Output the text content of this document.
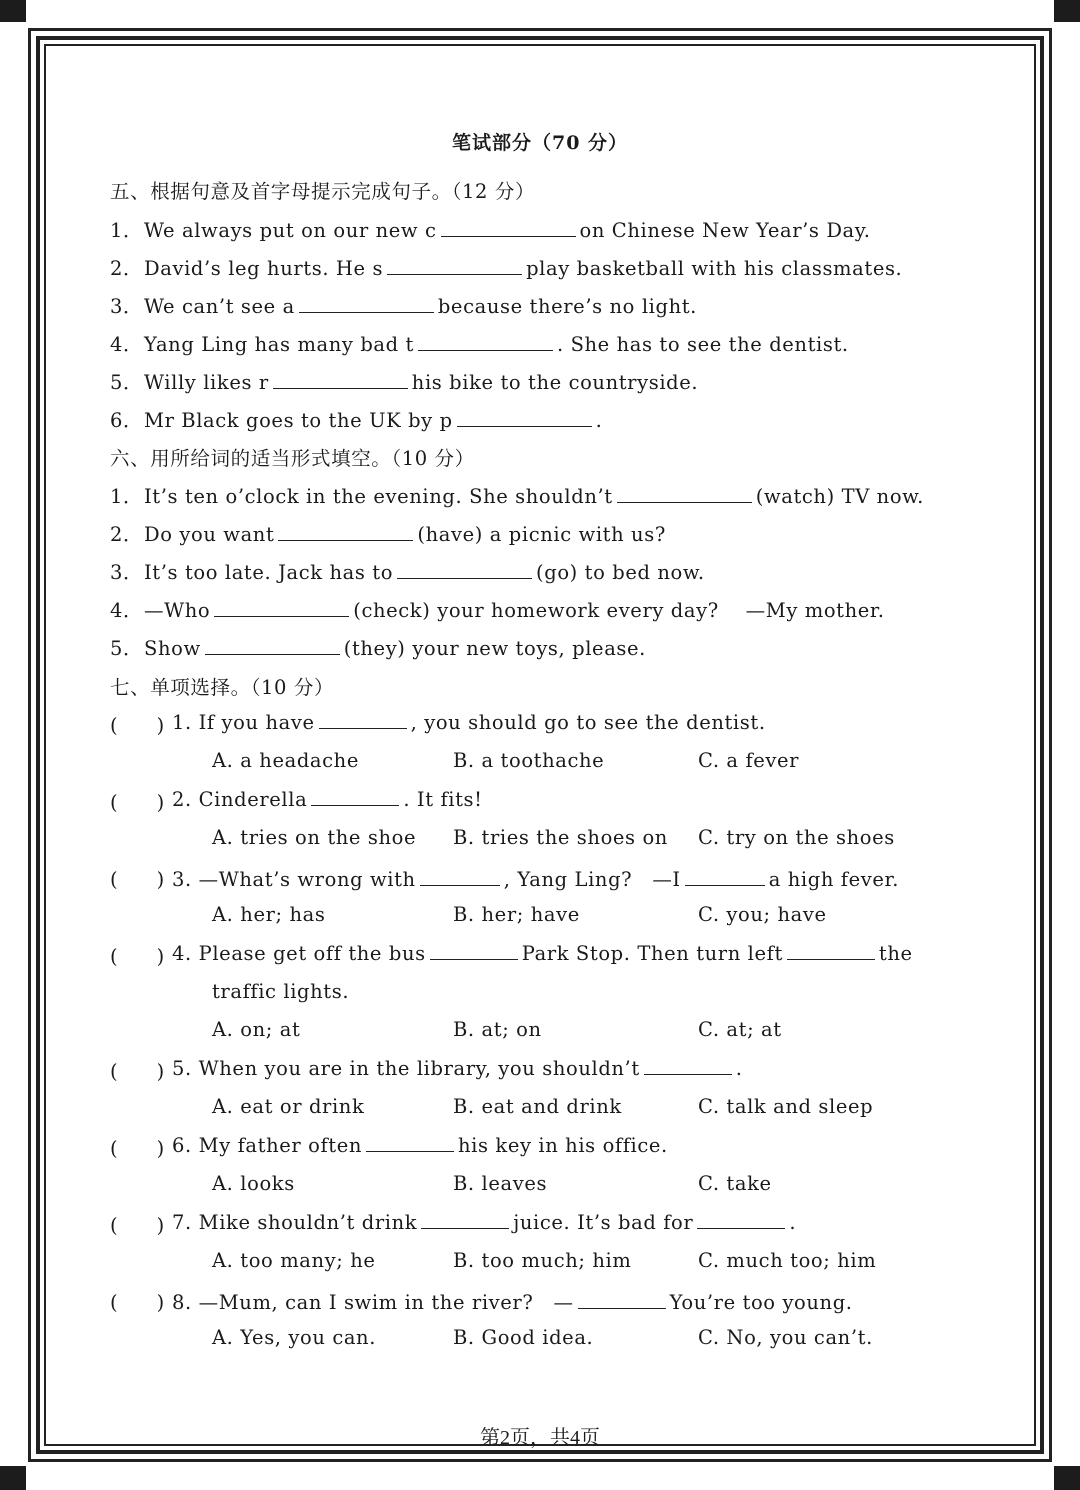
笔试部分（70 分）
五、根据句意及首字母提示完成句子。（12 分）
1．We always put on our new c	on Chinese New Year’s Day.
2．David’s leg hurts. He s	play basketball with his classmates.
3．We can’t see a	because there’s no light.
4．Yang Ling has many bad t	. She has to see the dentist.
5．Willy likes r	his bike to the countryside.
6．Mr Black goes to the UK by p	.
六、用所给词的适当形式填空。（10 分）
1．It’s ten o’clock in the evening. She shouldn’t	(watch) TV now.
2．Do you want	(have) a picnic with us?
3．It’s too late. Jack has to	(go) to bed now.
4．—Who	(check) your homework every day?　 —My mother.
5．Show	(they) your new toys, please.
七、单项选择。（10 分）
(　　) 1. If you have	, you should go to see the dentist.
A. a headache	B. a toothache	C. a fever
(　　) 2. Cinderella	. It fits!
A. tries on the shoe B. tries the shoes on C. try on the shoes
(　　) 3. —What’s wrong with	, Yang Ling?　—I	a high fever.
A. her; has	B. her; have	C. you; have
(　　) 4. Please get off the bus	Park Stop. Then turn left	the
traffic lights.
A. on; at	B. at; on	C. at; at
(　　) 5. When you are in the library, you shouldn’t	.
A. eat or drink	B. eat and drink	C. talk and sleep
(　　) 6. My father often	his key in his office.
A. looks	B. leaves	C. take
(　　) 7. Mike shouldn’t drink	juice. It’s bad for	.
A. too many; he	B. too much; him	C. much too; him
(　　) 8. —Mum, can I swim in the river?　—	You’re too young.
A. Yes, you can.	B. Good idea.	C. No, you can’t.
第2页，共4页
